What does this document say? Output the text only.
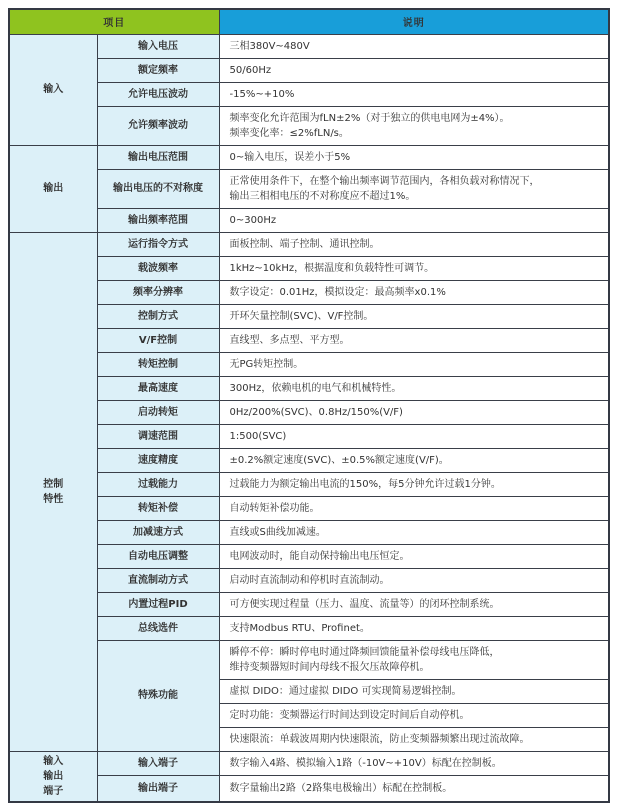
项目		说明

输入	输入电压	三相380V~480V

	额定频率	50/60Hz

	允许电压波动	-15%~+10%

	允许频率波动	频率变化允许范围为fLN±2%（对于独立的供电电网为±4%）。
频率变化率：≤2%fLN/s。

输出	输出电压范围	0~输入电压，误差小于5%

	输出电压的不对称度	正常使用条件下，在整个输出频率调节范围内，各相负载对称情况下，
输出三相相电压的不对称度应不超过1%。

	输出频率范围	0~300Hz

控制
特性	运行指令方式	面板控制、端子控制、通讯控制。

	载波频率	1kHz~10kHz，根据温度和负载特性可调节。

	频率分辨率	数字设定：0.01Hz，模拟设定：最高频率x0.1%

	控制方式	开环矢量控制(SVC)、V/F控制。

	V/F控制	直线型、多点型、平方型。

	转矩控制	无PG转矩控制。

	最高速度	300Hz，依赖电机的电气和机械特性。

	启动转矩	0Hz/200%(SVC)、0.8Hz/150%(V/F)

	调速范围	1:500(SVC)

	速度精度	±0.2%额定速度(SVC)、±0.5%额定速度(V/F)。

	过载能力	过载能力为额定输出电流的150%，每5分钟允许过载1分钟。

	转矩补偿	自动转矩补偿功能。

	加减速方式	直线或S曲线加减速。

	自动电压调整	电网波动时，能自动保持输出电压恒定。

	直流制动方式	启动时直流制动和停机时直流制动。

	内置过程PID	可方便实现过程量（压力、温度、流量等）的闭环控制系统。

	总线选件	支持Modbus RTU、Profinet。

	特殊功能	瞬停不停：瞬时停电时通过降频回馈能量补偿母线电压降低，
维持变频器短时间内母线不报欠压故障停机。

		虚拟 DIDO：通过虚拟 DIDO 可实现简易逻辑控制。

		定时功能：变频器运行时间达到设定时间后自动停机。

		快速限流：单载波周期内快速限流，防止变频器频繁出现过流故障。

输入
输出
端子	输入端子	数字输入4路、模拟输入1路（-10V~+10V）标配在控制板。

	输出端子	数字量输出2路（2路集电极输出）标配在控制板。
